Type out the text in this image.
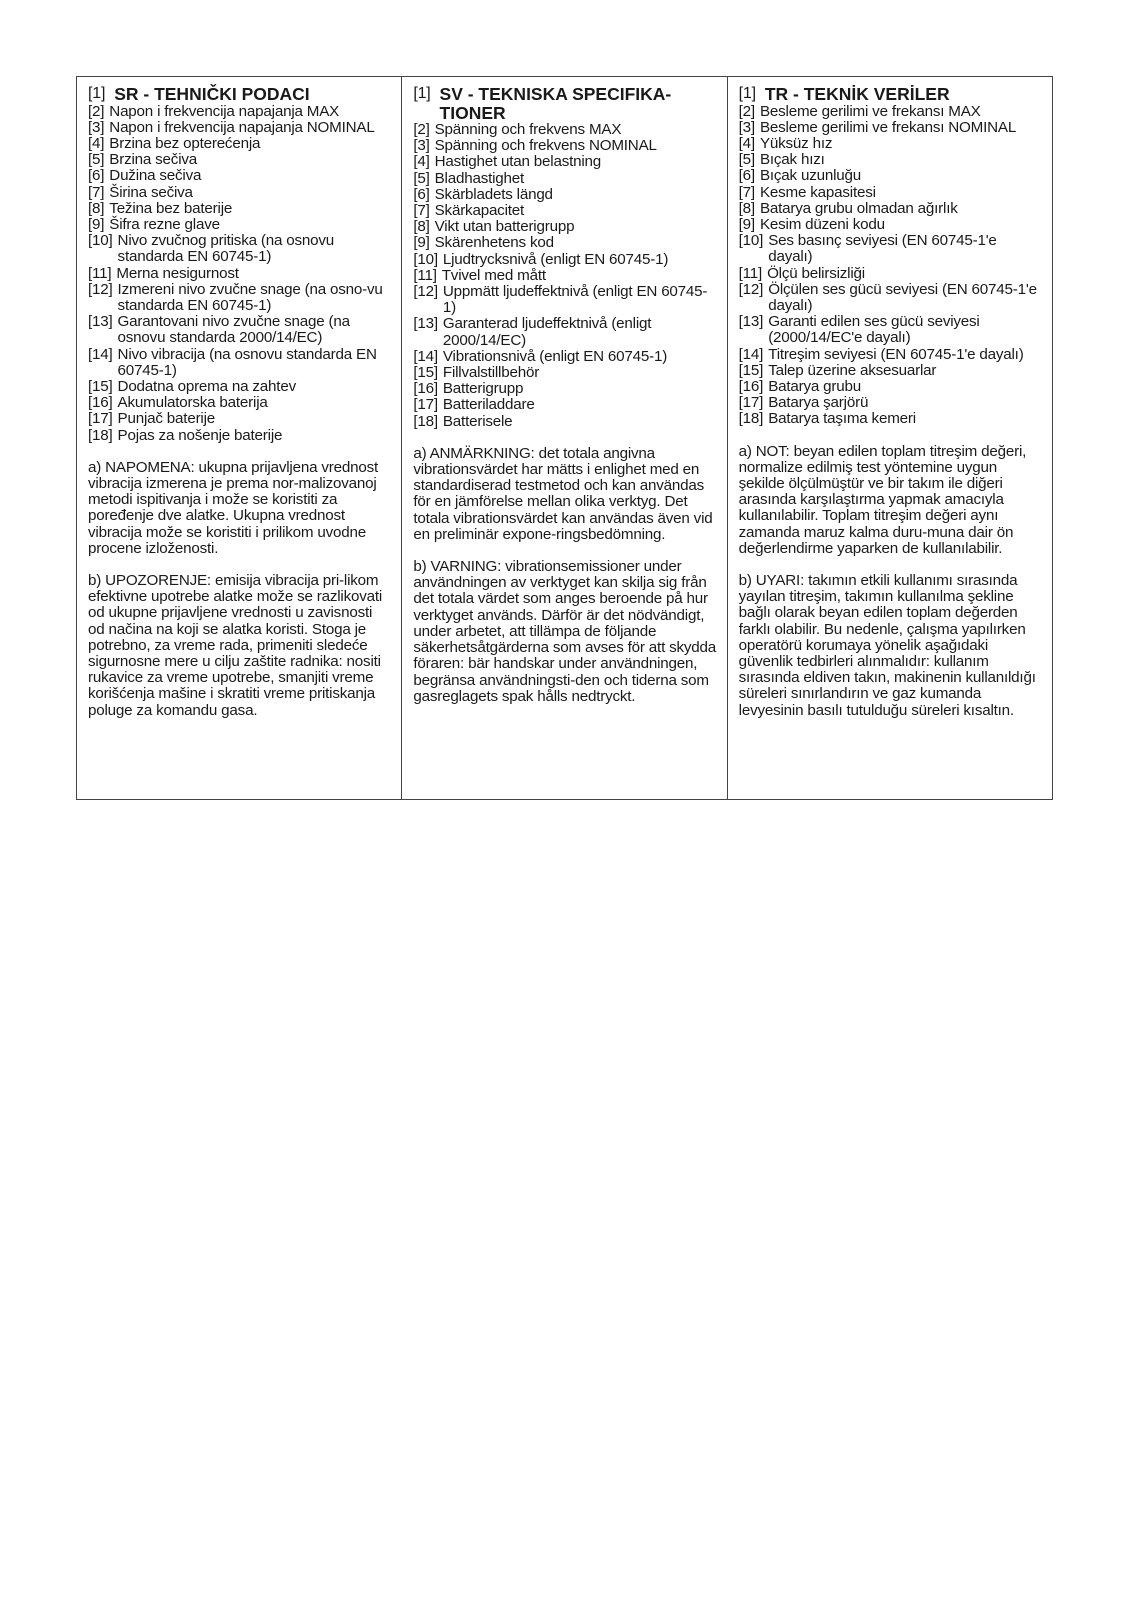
[1] SR - TEHNIČKI PODACI
[2] Napon i frekvencija napajanja MAX
[3] Napon i frekvencija napajanja NOMINAL
[4] Brzina bez opterećenja
[5] Brzina sečiva
[6] Dužina sečiva
[7] Širina sečiva
[8] Težina bez baterije
[9] Šifra rezne glave
[10] Nivo zvučnog pritiska (na osnovu standarda EN 60745-1)
[11] Merna nesigurnost
[12] Izmereni nivo zvučne snage (na osno-vu standarda EN 60745-1)
[13] Garantovani nivo zvučne snage (na osnovu standarda 2000/14/EC)
[14] Nivo vibracija (na osnovu standarda EN 60745-1)
[15] Dodatna oprema na zahtev
[16] Akumulatorska baterija
[17] Punjač baterije
[18] Pojas za nošenje baterije

a) NAPOMENA: ukupna prijavljena vrednost vibracija izmerena je prema nor-malizovanoj metodi ispitivanja i može se koristiti za poređenje dve alatke. Ukupna vrednost vibracija može se koristiti i prilikom uvodne procene izloženosti.

b) UPOZORENJE: emisija vibracija pri-likom efektivne upotrebe alatke može se razlikovati od ukupne prijavljene vrednosti u zavisnosti od načina na koji se alatka koristi. Stoga je potrebno, za vreme rada, primeniti sledeće sigurnosne mere u cilju zaštite radnika: nositi rukavice za vreme upotrebe, smanjiti vreme korišćenja mašine i skratiti vreme pritiskanja poluge za komandu gasa.

[1] SV - TEKNISKA SPECIFIKA-TIONER
[2] Spänning och frekvens MAX
[3] Spänning och frekvens NOMINAL
[4] Hastighet utan belastning
[5] Bladhastighet
[6] Skärbladets längd
[7] Skärkapacitet
[8] Vikt utan batterigrupp
[9] Skärenhetens kod
[10] Ljudtrycksnivå (enligt EN 60745-1)
[11] Tvivel med mått
[12] Uppmätt ljudeffektnivå (enligt EN 60745-1)
[13] Garanterad ljudeffektnivå (enligt 2000/14/EC)
[14] Vibrationsnivå (enligt EN 60745-1)
[15] Fillvalstillbehör
[16] Batterigrupp
[17] Batteriladdare
[18] Batterisele

a) ANMÄRKNING: det totala angivna vibrationsvärdet har mätts i enlighet med en standardiserad testmetod och kan användas för en jämförelse mellan olika verktyg. Det totala vibrationsvärdet kan användas även vid en preliminär expone-ringsbedömning.

b) VARNING: vibrationsemissioner under användningen av verktyget kan skilja sig från det totala värdet som anges beroende på hur verktyget används. Därför är det nödvändigt, under arbetet, att tillämpa de följande säkerhetsåtgärderna som avses för att skydda föraren: bär handskar under användningen, begränsa användningsti-den och tiderna som gasreglagets spak hålls nedtryckt.

[1] TR - TEKNİK VERİLER
[2] Besleme gerilimi ve frekansı MAX
[3] Besleme gerilimi ve frekansı NOMINAL
[4] Yüksüz hız
[5] Bıçak hızı
[6] Bıçak uzunluğu
[7] Kesme kapasitesi
[8] Batarya grubu olmadan ağırlık
[9] Kesim düzeni kodu
[10] Ses basınç seviyesi (EN 60745-1'e dayalı)
[11] Ölçü belirsizliği
[12] Ölçülen ses gücü seviyesi (EN 60745-1'e dayalı)
[13] Garanti edilen ses gücü seviyesi (2000/14/EC'e dayalı)
[14] Titreşim seviyesi (EN 60745-1'e dayalı)
[15] Talep üzerine aksesuarlar
[16] Batarya grubu
[17] Batarya şarjörü
[18] Batarya taşıma kemeri

a) NOT: beyan edilen toplam titreşim değeri, normalize edilmiş test yöntemine uygun şekilde ölçülmüştür ve bir takım ile diğeri arasında karşılaştırma yapmak amacıyla kullanılabilir. Toplam titreşim değeri aynı zamanda maruz kalma duru-muna dair ön değerlendirme yaparken de kullanılabilir.

b) UYARI: takımın etkili kullanımı sırasında yayılan titreşim, takımın kullanılma şekline bağlı olarak beyan edilen toplam değerden farklı olabilir. Bu nedenle, çalışma yapılırken operatörü korumaya yönelik aşağıdaki güvenlik tedbirleri alınmalıdır: kullanım sırasında eldiven takın, makinenin kullanıldığı süreleri sınırlandırın ve gaz kumanda levyesinin basılı tutulduğu süreleri kısaltın.
